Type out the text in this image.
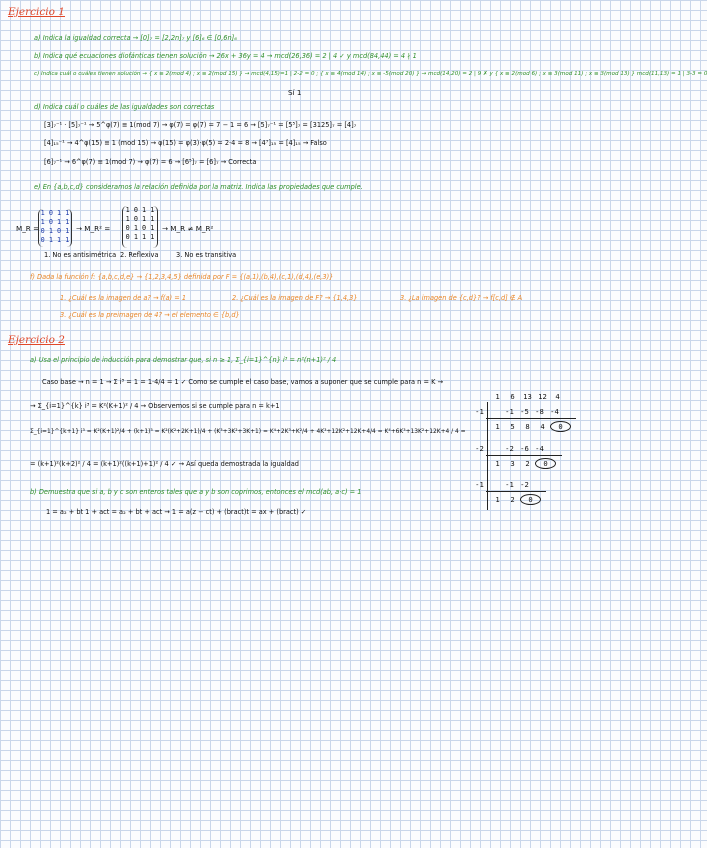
Ejercicio 1
a) Indica la igualdad correcta → [0]₇ = [2,2n]₇ y [6]₆ ∈ [0,6n]₆
b) Indica qué ecuaciones diofánticas tienen solución → 26x + 36y = 4 → mcd(26,36) = 2 | 4 ✓ y mcd(84,44) = 4 ∤ 1
c) Indica cuál o cuáles tienen solución → { x ≡ 2(mod 4) ; x ≡ 2(mod 15) } → mcd(4,15)=1 | 2-2 = 0 ; { x ≡ 4(mod 14) ; x ≡ -5(mod 20) } → mcd(14,20) = 2 | 9 ✗ y { x ≡ 2(mod 6) ; x ≡ 3(mod 11) ; x ≡ 3(mod 13) } mcd(11,13) = 1 | 3-3 = 0
Sí 1
d) Indica cuál o cuáles de las igualdades son correctas
[3]₇⁻¹ · [5]₇⁻¹ → 5^φ(7) ≡ 1(mod 7) → φ(7) = φ(7) = 7 − 1 = 6 → [5]₇⁻¹ = [5⁵]₇ = [3125]₇ = [4]₇
[4]₁₅⁻¹ → 4^φ(15) ≡ 1 (mod 15) → φ(15) = φ(3)·φ(5) = 2·4 = 8 → [4⁷]₁₅ = [4]₁₅ → Falso
[6]₇⁻¹ → 6^φ(7) ≡ 1(mod 7) → φ(7) = 6 → [6⁵]₇ = [6]₇ → Correcta
e) En {a,b,c,d} consideramos la relación definida por la matriz. Indica las propiedades que cumple.
M_R =
1 0 1 1
1 0 1 1
0 1 0 1
0 1 1 1
→ M_R² =
1 0 1 1
1 0 1 1
0 1 0 1
0 1 1 1
→ M_R ≠ M_R²
1. No es antisimétrica 2. Reflexiva	3. No es transitiva
f) Dada la función f: {a,b,c,d,e} → {1,2,3,4,5} definida por F = {(a,1),(b,4),(c,1),(d,4),(e,3)}
1. ¿Cuál es la imagen de a? → f(a) = 1	2. ¿Cuál es la imagen de F? → {1,4,3}	3. ¿La imagen de {c,d}? → f[c,d] ∉ A
3. ¿Cuál es la preimagen de 4? → el elemento ∈ {b,d}
Ejercicio 2
a) Usa el principio de inducción para demostrar que, si n ≥ 1, Σ_{i=1}^{n} i³ = n²(n+1)² / 4
Caso base → n = 1 → Σ i³ = 1 = 1·4/4 = 1 ✓ Como se cumple el caso base, vamos a suponer que se cumple para n = K →
→ Σ_{i=1}^{k} i³ = K²(K+1)² / 4 → Observemos si se cumple para n = k+1
Σ_{i=1}^{k+1} i³ = K²(K+1)²/4 + (k+1)³ = K²(K²+2K+1)/4 + (K³+3K²+3K+1) = K⁴+2K³+K²/4 + 4K³+12K²+12K+4/4 = K⁴+6K³+13K²+12K+4 / 4 =
= (k+1)²(k+2)² / 4 = (k+1)²((k+1)+1)² / 4 ✓ → Así queda demostrada la igualdad
b) Demuestra que si a, b y c son enteros tales que a y b son coprimos, entonces el mcd(ab, a·c) = 1
1 = a₂ + bt 1 + act = a₂ + bt + act → 1 = a(z − ct) + (bract)t = ax + (bract) ✓
1 6 13 12 4
-1	-1 -5 -8 -4
1 5 8 4 0
-2	-2 -6 -4
1 3 2 0
-1	-1 -2
1 2 0
